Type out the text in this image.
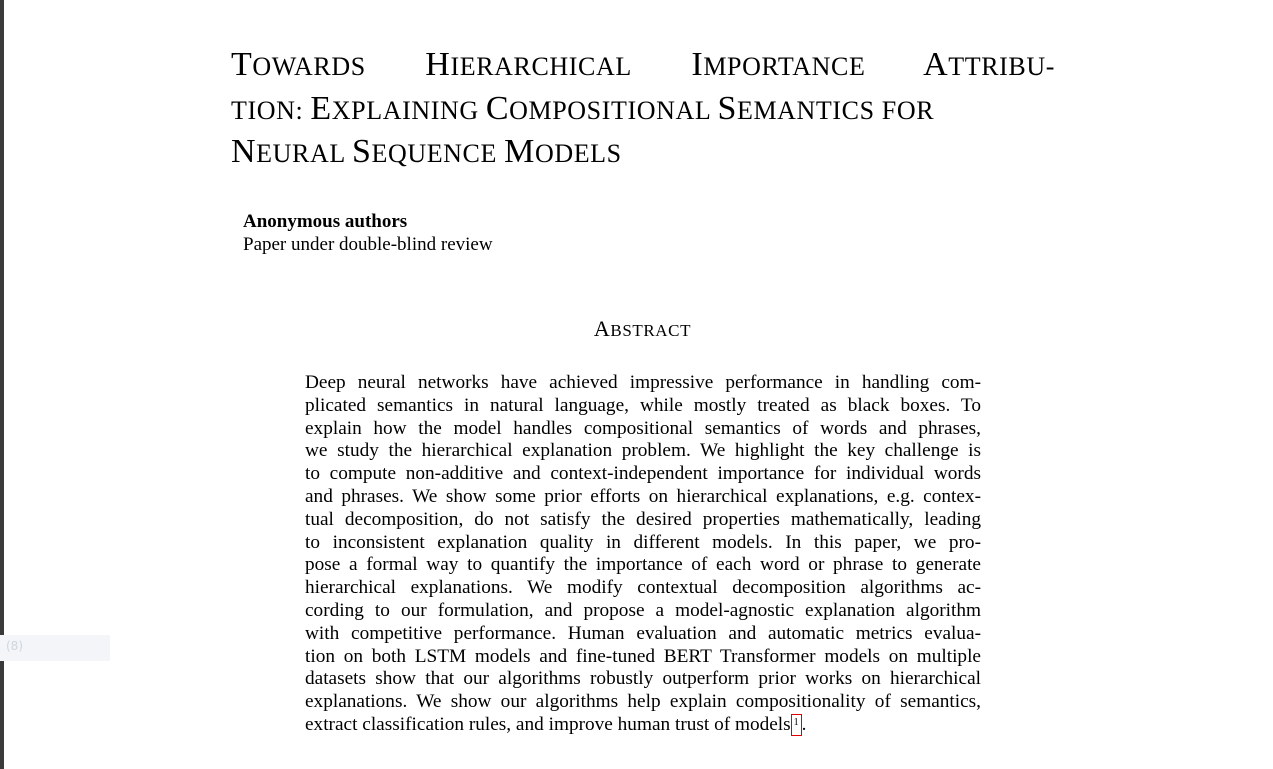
(8)
TOWARDS HIERARCHICAL IMPORTANCE ATTRIBU-
TION: EXPLAINING COMPOSITIONAL SEMANTICS FOR
NEURAL SEQUENCE MODELS
Anonymous authors
Paper under double-blind review
ABSTRACT
Deep neural networks have achieved impressive performance in handling com-
plicated semantics in natural language, while mostly treated as black boxes. To
explain how the model handles compositional semantics of words and phrases,
we study the hierarchical explanation problem. We highlight the key challenge is
to compute non-additive and context-independent importance for individual words
and phrases. We show some prior efforts on hierarchical explanations, e.g. contex-
tual decomposition, do not satisfy the desired properties mathematically, leading
to inconsistent explanation quality in different models. In this paper, we pro-
pose a formal way to quantify the importance of each word or phrase to generate
hierarchical explanations. We modify contextual decomposition algorithms ac-
cording to our formulation, and propose a model-agnostic explanation algorithm
with competitive performance. Human evaluation and automatic metrics evalua-
tion on both LSTM models and fine-tuned BERT Transformer models on multiple
datasets show that our algorithms robustly outperform prior works on hierarchical
explanations. We show our algorithms help explain compositionality of semantics,
extract classification rules, and improve human trust of models $^1$ .
